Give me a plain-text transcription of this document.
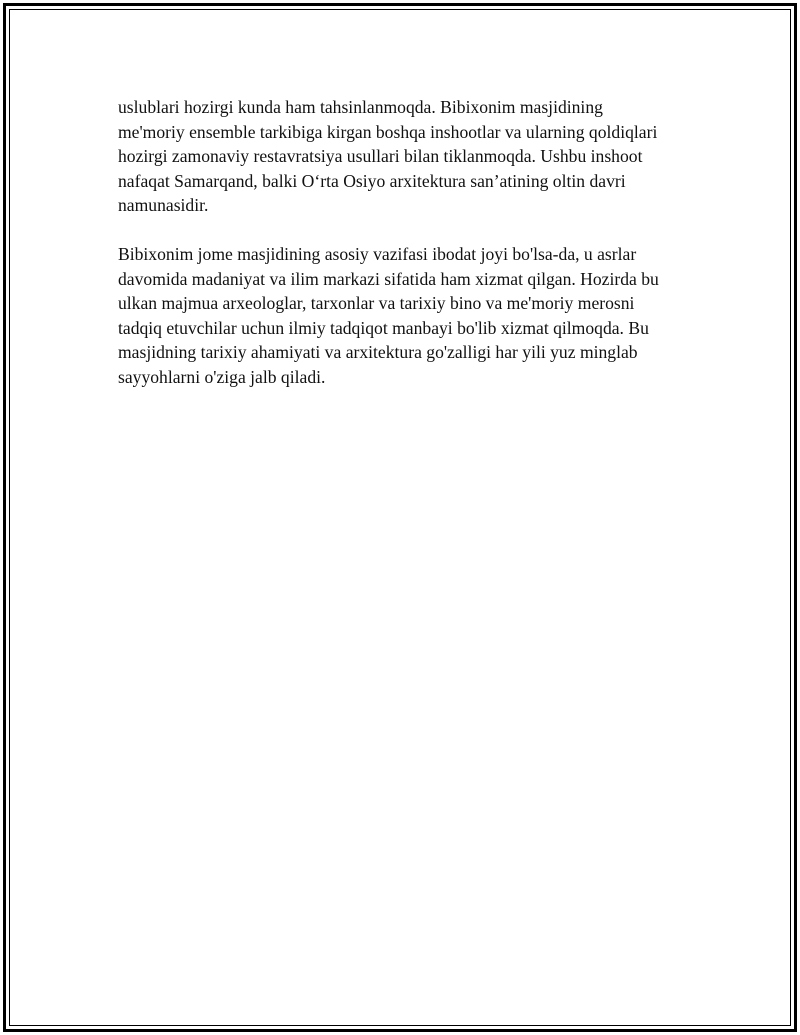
uslublari hozirgi kunda ham tahsinlanmoqda. Bibixonim masjidining
me'moriy ensemble tarkibiga kirgan boshqa inshootlar va ularning qoldiqlari
hozirgi zamonaviy restavratsiya usullari bilan tiklanmoqda. Ushbu inshoot
nafaqat Samarqand, balki O‘rta Osiyo arxitektura san’atining oltin davri
namunasidir.

Bibixonim jome masjidining asosiy vazifasi ibodat joyi bo'lsa-da, u asrlar
davomida madaniyat va ilim markazi sifatida ham xizmat qilgan. Hozirda bu
ulkan majmua arxeologlar, tarxonlar va tarixiy bino va me'moriy merosni
tadqiq etuvchilar uchun ilmiy tadqiqot manbayi bo'lib xizmat qilmoqda. Bu
masjidning tarixiy ahamiyati va arxitektura go'zalligi har yili yuz minglab
sayyohlarni o'ziga jalb qiladi.
